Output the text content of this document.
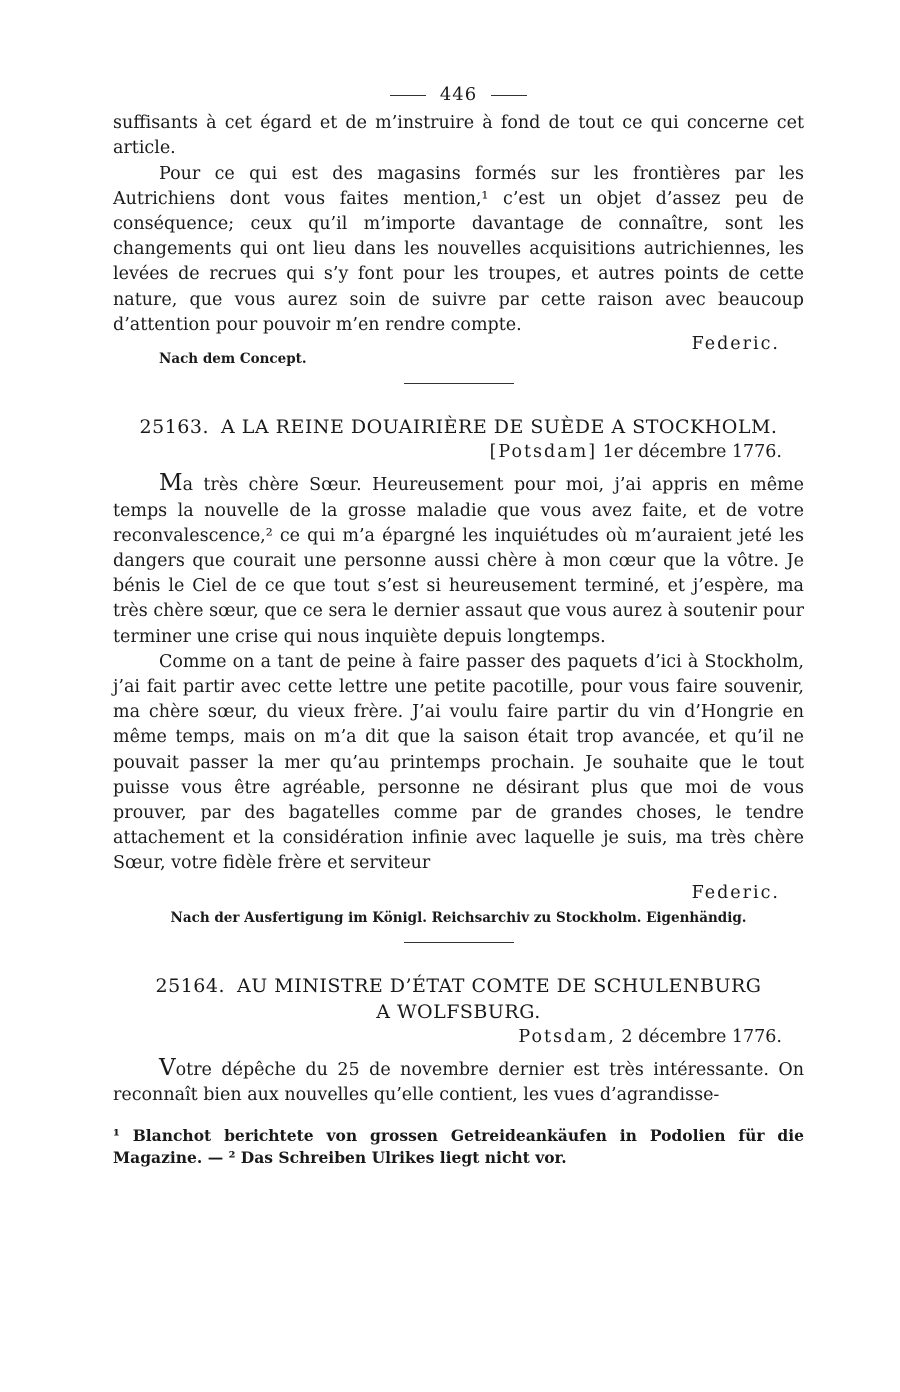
446

suffisants à cet égard et de m’instruire à fond de tout ce qui concerne cet article.

Pour ce qui est des magasins formés sur les frontières par les Autrichiens dont vous faites mention,¹ c’est un objet d’assez peu de conséquence; ceux qu’il m’importe davantage de connaître, sont les changements qui ont lieu dans les nouvelles acquisitions autrichiennes, les levées de recrues qui s’y font pour les troupes, et autres points de cette nature, que vous aurez soin de suivre par cette raison avec beaucoup d’attention pour pouvoir m’en rendre compte.

Federic.
Nach dem Concept.
25163. A LA REINE DOUAIRIÈRE DE SUÈDE A STOCKHOLM.
[Potsdam] 1er décembre 1776.

Ma très chère Sœur. Heureusement pour moi, j’ai appris en même temps la nouvelle de la grosse maladie que vous avez faite, et de votre reconvalescence,² ce qui m’a épargné les inquiétudes où m’auraient jeté les dangers que courait une personne aussi chère à mon cœur que la vôtre. Je bénis le Ciel de ce que tout s’est si heureusement terminé, et j’espère, ma très chère sœur, que ce sera le dernier assaut que vous aurez à soutenir pour terminer une crise qui nous inquiète depuis longtemps.

Comme on a tant de peine à faire passer des paquets d’ici à Stockholm, j’ai fait partir avec cette lettre une petite pacotille, pour vous faire souvenir, ma chère sœur, du vieux frère. J’ai voulu faire partir du vin d’Hongrie en même temps, mais on m’a dit que la saison était trop avancée, et qu’il ne pouvait passer la mer qu’au printemps prochain. Je souhaite que le tout puisse vous être agréable, personne ne désirant plus que moi de vous prouver, par des bagatelles comme par de grandes choses, le tendre attachement et la considération infinie avec laquelle je suis, ma très chère Sœur, votre fidèle frère et serviteur

Federic.
Nach der Ausfertigung im Königl. Reichsarchiv zu Stockholm. Eigenhändig.
25164. AU MINISTRE D’ÉTAT COMTE DE SCHULENBURG
A WOLFSBURG.
Potsdam, 2 décembre 1776.

Votre dépêche du 25 de novembre dernier est très intéressante. On reconnaît bien aux nouvelles qu’elle contient, les vues d’agrandisse-

¹ Blanchot berichtete von grossen Getreideankäufen in Podolien für die Magazine. — ² Das Schreiben Ulrikes liegt nicht vor.
